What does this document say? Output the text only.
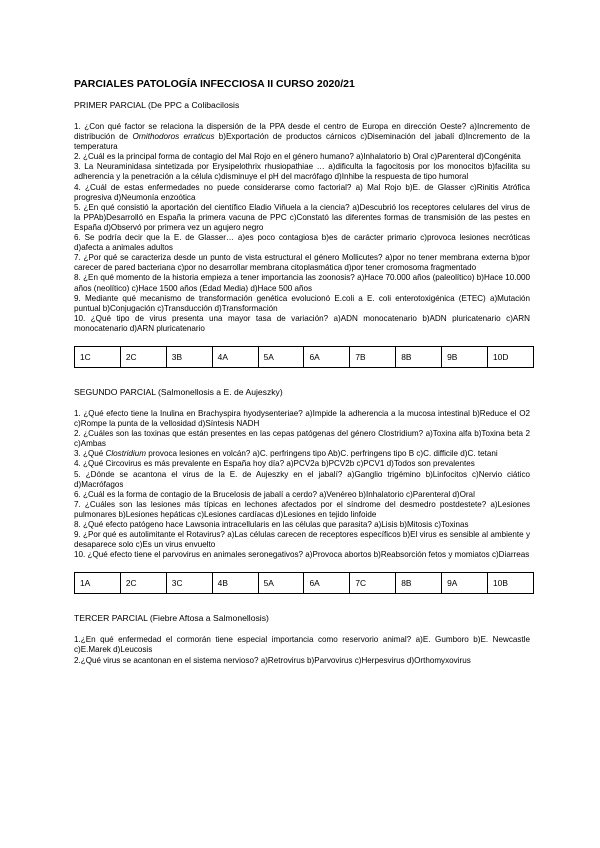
PARCIALES PATOLOGÍA INFECCIOSA II CURSO 2020/21
PRIMER PARCIAL (De PPC a Colibacilosis

1. ¿Con qué factor se relaciona la dispersión de la PPA desde el centro de Europa en dirección Oeste? a)Incremento de distribución de Ornithodoros erraticus b)Exportación de productos cárnicos c)Diseminación del jabalí d)Incremento de la temperatura

2. ¿Cuál es la principal forma de contagio del Mal Rojo en el género humano? a)Inhalatorio b) Oral c)Parenteral d)Congénita

3. La Neuraminidasa sintetizada por Erysipelothrix rhusiopathiae … a)dificulta la fagocitosis por los monocitos b)facilita su adherencia y la penetración a la célula c)disminuye el pH del macrófago d)Inhibe la respuesta de tipo humoral

4. ¿Cuál de estas enfermedades no puede considerarse como factorial? a) Mal Rojo b)E. de Glasser c)Rinitis Atrófica progresiva d)Neumonía enzoótica

5. ¿En qué consistió la aportación del científico Eladio Viñuela a la ciencia? a)Descubrió los receptores celulares del virus de la PPAb)Desarrolló en España la primera vacuna de PPC c)Constató las diferentes formas de transmisión de las pestes en España d)Observó por primera vez un agujero negro

6. Se podría decir que la E. de Glasser… a)es poco contagiosa b)es de carácter primario c)provoca lesiones necróticas d)afecta a animales adultos

7. ¿Por qué se caracteriza desde un punto de vista estructural el género Mollicutes? a)por no tener membrana externa b)por carecer de pared bacteriana c)por no desarrollar membrana citoplasmática d)por tener cromosoma fragmentado

8. ¿En qué momento de la historia empieza a tener importancia las zoonosis? a)Hace 70.000 años (paleolítico) b)Hace 10.000 años (neolítico) c)Hace 1500 años (Edad Media) d)Hace 500 años

9. Mediante qué mecanismo de transformación genética evolucionó E.coli a E. coli enterotoxigénica (ETEC) a)Mutación puntual b)Conjugación c)Transducción d)Transformación

10. ¿Qué tipo de virus presenta una mayor tasa de variación? a)ADN monocatenario b)ADN pluricatenario c)ARN monocatenario d)ARN pluricatenario

1C	2C	3B	4A	5A	6A	7B	8B	9B	10D
SEGUNDO PARCIAL (Salmonellosis a E. de Aujeszky)

1. ¿Qué efecto tiene la Inulina en Brachyspira hyodysenteriae? a)Impide la adherencia a la mucosa intestinal b)Reduce el O2 c)Rompe la punta de la vellosidad d)Síntesis NADH

2. ¿Cuáles son las toxinas que están presentes en las cepas patógenas del género Clostridium? a)Toxina alfa b)Toxina beta 2 c)Ambas

3. ¿Qué Clostridium provoca lesiones en volcán? a)C. perfringens tipo Ab)C. perfringens tipo B c)C. difficile d)C. tetani

4. ¿Qué Circovirus es más prevalente en España hoy día? a)PCV2a b)PCV2b c)PCV1 d)Todos son prevalentes

5. ¿Dónde se acantona el virus de la E. de Aujeszky en el jabalí? a)Ganglio trigémino b)Linfocitos c)Nervio ciático d)Macrófagos

6. ¿Cuál es la forma de contagio de la Brucelosis de jabalí a cerdo? a)Venéreo b)Inhalatorio c)Parenteral d)Oral

7. ¿Cuáles son las lesiones más típicas en lechones afectados por el síndrome del desmedro postdestete? a)Lesiones pulmonares b)Lesiones hepáticas c)Lesiones cardíacas d)Lesiones en tejido linfoide

8. ¿Qué efecto patógeno hace Lawsonia intracellularis en las células que parasita? a)Lisis b)Mitosis c)Toxinas

9. ¿Por qué es autolimitante el Rotavirus? a)Las células carecen de receptores específicos b)El virus es sensible al ambiente y desaparece solo c)Es un virus envuelto

10. ¿Qué efecto tiene el parvovirus en animales seronegativos? a)Provoca abortos b)Reabsorción fetos y momiatos c)Diarreas

1A	2C	3C	4B	5A	6A	7C	8B	9A	10B
TERCER PARCIAL (Fiebre Aftosa a Salmonellosis)

1.¿En qué enfermedad el cormorán tiene especial importancia como reservorio animal? a)E. Gumboro b)E. Newcastle c)E.Marek d)Leucosis

2.¿Qué virus se acantonan en el sistema nervioso? a)Retrovirus b)Parvovirus c)Herpesvirus d)Orthomyxovirus
